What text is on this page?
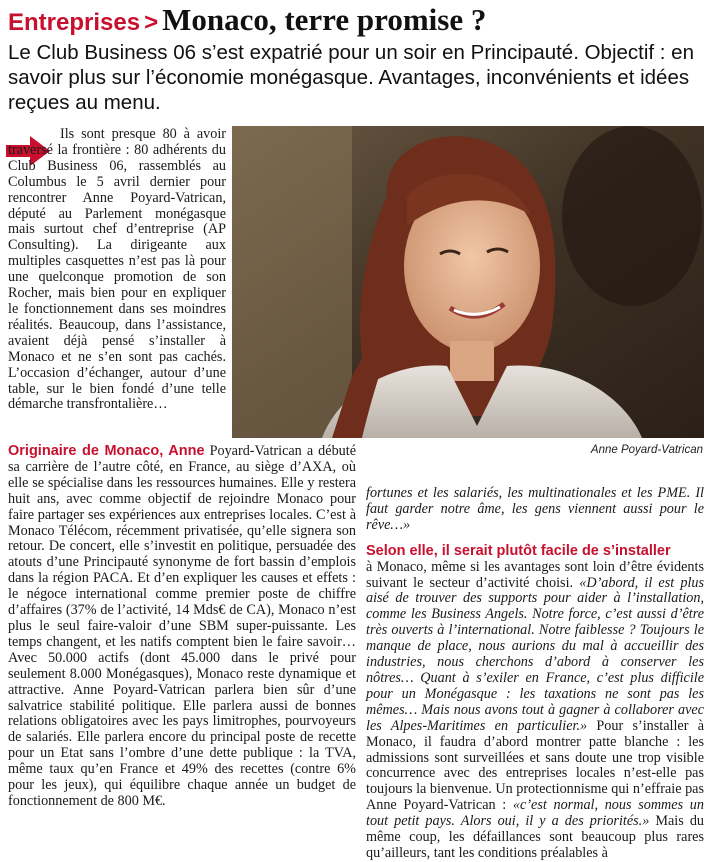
Entreprises > Monaco, terre promise ?
Le Club Business 06 s’est expatrié pour un soir en Principauté. Objectif : en savoir plus sur l’économie monégasque. Avantages, inconvénients et idées reçues au menu.
Anne Poyard-Vatrican

Ils sont presque 80 à avoir traversé la frontière : 80 adhérents du Club Business 06, rassemblés au Columbus le 5 avril dernier pour rencontrer Anne Poyard-Vatrican, député au Parlement monégasque mais surtout chef d’entreprise (AP Consulting). La dirigeante aux multiples casquettes n’est pas là pour une quelconque promotion de son Rocher, mais bien pour en expliquer le fonctionnement dans ses moindres réalités. Beaucoup, dans l’assistance, avaient déjà pensé s’installer à Monaco et ne s’en sont pas cachés. L’occasion d’échanger, autour d’une table, sur le bien fondé d’une telle démarche transfrontalière…

Originaire de Monaco, Anne Poyard-Vatrican a débuté sa carrière de l’autre côté, en France, au siège d’AXA, où elle se spécialise dans les ressources humaines. Elle y restera huit ans, avec comme objectif de rejoindre Monaco pour faire partager ses expériences aux entreprises locales. C’est à Monaco Télécom, récemment privatisée, qu’elle signera son retour. De concert, elle s’investit en politique, persuadée des atouts d’une Principauté synonyme de fort bassin d’emplois dans la région PACA. Et d’en expliquer les causes et effets : le négoce international comme premier poste de chiffre d’affaires (37% de l’activité, 14 Mds€ de CA), Monaco n’est plus le seul faire-valoir d’une SBM super-puissante. Les temps changent, et les natifs comptent bien le faire savoir… Avec 50.000 actifs (dont 45.000 dans le privé pour seulement 8.000 Monégasques), Monaco reste dynamique et attractive. Anne Poyard-Vatrican parlera bien sûr d’une salvatrice stabilité politique. Elle parlera aussi de bonnes relations obligatoires avec les pays limitrophes, pourvoyeurs de salariés. Elle parlera encore du principal poste de recette pour un Etat sans l’ombre d’une dette publique : la TVA, même taux qu’en France et 49% des recettes (contre 6% pour les jeux), qui équilibre chaque année un budget de fonctionnement de 800 M€.

fortunes et les salariés, les multinationales et les PME. Il faut garder notre âme, les gens viennent aussi pour le rêve…»

Selon elle, il serait plutôt facile de s’installer

à Monaco, même si les avantages sont loin d’être évidents suivant le secteur d’activité choisi. «D’abord, il est plus aisé de trouver des supports pour aider à l’installation, comme les Business Angels. Notre force, c’est aussi d’être très ouverts à l’international. Notre faiblesse ? Toujours le manque de place, nous aurions du mal à accueillir des industries, nous cherchons d’abord à conserver les nôtres… Quant à s’exiler en France, c’est plus difficile pour un Monégasque : les taxations ne sont pas les mêmes… Mais nous avons tout à gagner à collaborer avec les Alpes-Maritimes en particulier.» Pour s’installer à Monaco, il faudra d’abord montrer patte blanche : les admissions sont surveillées et sans doute une trop visible concurrence avec des entreprises locales n’est-elle pas toujours la bienvenue. Un protectionnisme qui n’effraie pas Anne Poyard-Vatrican : «c’est normal, nous sommes un tout petit pays. Alors oui, il y a des priorités.» Mais du même coup, les défaillances sont beaucoup plus rares qu’ailleurs, tant les conditions préalables à
